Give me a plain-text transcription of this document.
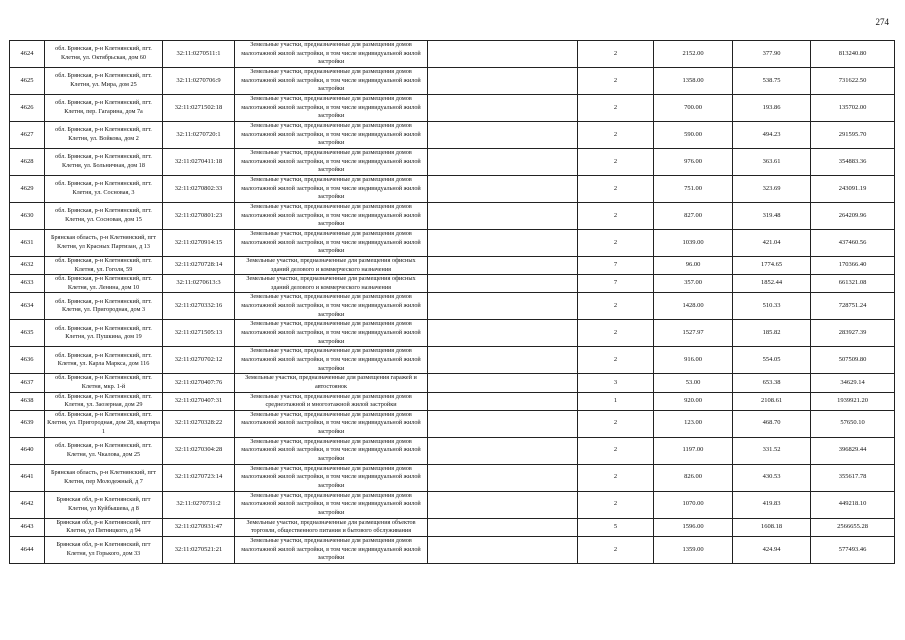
274
4624	обл. Брянская, р-н Клетнянский, пгт. Клетня, ул. Октябрьская, дом 60	32:11:0270511:1	Земельные участки, предназначенные для размещения домов малоэтажной жилой застройки, в том числе индивидуальной жилой застройки		2	2152.00	377.90	813240.80
4625	обл. Брянская, р-н Клетнянский, пгт. Клетня, ул. Мира, дом 25	32:11:0270706:9	Земельные участки, предназначенные для размещения домов малоэтажной жилой застройки, в том числе индивидуальной жилой застройки		2	1358.00	538.75	731622.50
4626	обл. Брянская, р-н Клетнянский, пгт. Клетня, пер. Гагарина, дом 7а	32:11:0271502:18	Земельные участки, предназначенные для размещения домов малоэтажной жилой застройки, в том числе индивидуальной жилой застройки		2	700.00	193.86	135702.00
4627	обл. Брянская, р-н Клетнянский, пгт. Клетня, ул. Войкова, дом 2	32:11:0270720:1	Земельные участки, предназначенные для размещения домов малоэтажной жилой застройки, в том числе индивидуальной жилой застройки		2	590.00	494.23	291595.70
4628	обл. Брянская, р-н Клетнянский, пгт. Клетня, ул. Больничная, дом 18	32:11:0270411:18	Земельные участки, предназначенные для размещения домов малоэтажной жилой застройки, в том числе индивидуальной жилой застройки		2	976.00	363.61	354883.36
4629	обл. Брянская, р-н Клетнянский, пгт. Клетня, ул. Сосновая, 3	32:11:0270802:33	Земельные участки, предназначенные для размещения домов малоэтажной жилой застройки, в том числе индивидуальной жилой застройки		2	751.00	323.69	243091.19
4630	обл. Брянская, р-н Клетнянский, пгт. Клетня, ул. Сосновая, дом 15	32:11:0270801:23	Земельные участки, предназначенные для размещения домов малоэтажной жилой застройки, в том числе индивидуальной жилой застройки		2	827.00	319.48	264209.96
4631	Брянская область, р-н Клетнянский, пгт Клетня, ул Красных Партизан, д 13	32:11:0270914:15	Земельные участки, предназначенные для размещения домов малоэтажной жилой застройки, в том числе индивидуальной жилой застройки		2	1039.00	421.04	437460.56
4632	обл. Брянская, р-н Клетнянский, пгт. Клетня, ул. Гоголя, 59	32:11:0270728:14	Земельные участки, предназначенные для размещения офисных зданий делового и коммерческого назначения		7	96.00	1774.65	170366.40
4633	обл. Брянская, р-н Клетнянский, пгт. Клетня, ул. Ленина, дом 10	32:11:0270613:3	Земельные участки, предназначенные для размещения офисных зданий делового и коммерческого назначения		7	357.00	1852.44	661321.08
4634	обл. Брянская, р-н Клетнянский, пгт. Клетня, ул. Пригородная, дом 3	32:11:0270332:16	Земельные участки, предназначенные для размещения домов малоэтажной жилой застройки, в том числе индивидуальной жилой застройки		2	1428.00	510.33	728751.24
4635	обл. Брянская, р-н Клетнянский, пгт. Клетня, ул. Пушкина, дом 19	32:11:0271505:13	Земельные участки, предназначенные для размещения домов малоэтажной жилой застройки, в том числе индивидуальной жилой застройки		2	1527.97	185.82	283927.39
4636	обл. Брянская, р-н Клетнянский, пгт. Клетня, ул. Карла Маркса, дом 116	32:11:0270702:12	Земельные участки, предназначенные для размещения домов малоэтажной жилой застройки, в том числе индивидуальной жилой застройки		2	916.00	554.05	507509.80
4637	обл. Брянская, р-н Клетнянский, пгт. Клетня, мкр. 1-й	32:11:0270407:76	Земельные участки, предназначенные для размещения гаражей и автостоянок		3	53.00	653.38	34629.14
4638	обл. Брянская, р-н Клетнянский, пгт. Клетня, ул. Заозерная, дом 29	32:11:0270407:31	Земельные участки, предназначенные для размещения домов среднеэтажной и многоэтажной жилой застройки		1	920.00	2108.61	1939921.20
4639	обл. Брянская, р-н Клетнянский, пгт. Клетня, ул. Пригородная, дом 28, квартира 1	32:11:0270328:22	Земельные участки, предназначенные для размещения домов малоэтажной жилой застройки, в том числе индивидуальной жилой застройки		2	123.00	468.70	57650.10
4640	обл. Брянская, р-н Клетнянский, пгт. Клетня, ул. Чкалова, дом 25	32:11:0270304:28	Земельные участки, предназначенные для размещения домов малоэтажной жилой застройки, в том числе индивидуальной жилой застройки		2	1197.00	331.52	396829.44
4641	Брянская область, р-н Клетнянский, пгт Клетня, пер Молодежный, д 7	32:11:0270723:14	Земельные участки, предназначенные для размещения домов малоэтажной жилой застройки, в том числе индивидуальной жилой застройки		2	826.00	430.53	355617.78
4642	Брянская обл, р-н Клетнянский, пгт Клетня, ул Куйбышева, д 8	32:11:0270731:2	Земельные участки, предназначенные для размещения домов малоэтажной жилой застройки, в том числе индивидуальной жилой застройки		2	1070.00	419.83	449218.10
4643	Брянская обл, р-н Клетнянский, пгт Клетня, ул Пятницкого, д 94	32:11:0270931:47	Земельные участки, предназначенные для размещения объектов торговли, общественного питания и бытового обслуживания		5	1596.00	1608.18	2566655.28
4644	Брянская обл, р-н Клетнянский, пгт Клетня, ул Горького, дом 33	32:11:0270521:21	Земельные участки, предназначенные для размещения домов малоэтажной жилой застройки, в том числе индивидуальной жилой застройки		2	1359.00	424.94	577493.46
